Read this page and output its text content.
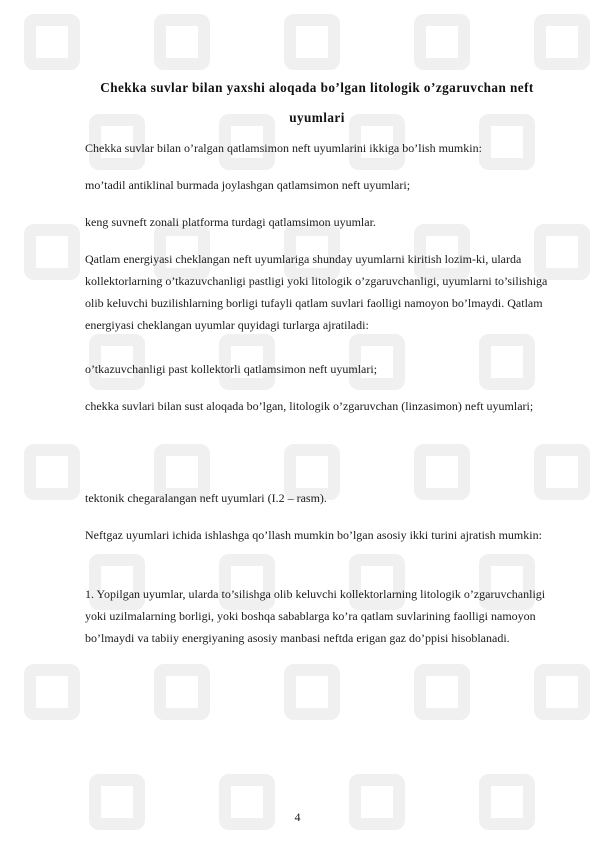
Chekka suvlar bilan yaxshi aloqada bo’lgan litologik o’zgaruvchan neft uyumlari

Chekka suvlar bilan o’ralgan qatlamsimon neft uyumlarini ikkiga bo’lish mumkin:

mo’tadil antiklinal burmada joylashgan qatlamsimon neft uyumlari;

keng suvneft zonali platforma turdagi qatlamsimon uyumlar.

Qatlam energiyasi cheklangan neft uyumlariga shunday uyumlarni kiritish lozim-ki, ularda kollektorlarning o’tkazuvchanligi pastligi yoki litologik o’zgaruvchanligi, uyumlarni to’silishiga olib keluvchi buzilishlarning borligi tufayli qatlam suvlari faolligi namoyon bo’lmaydi. Qatlam energiyasi cheklangan uyumlar quyidagi turlarga ajratiladi:

o’tkazuvchanligi past kollektorli qatlamsimon neft uyumlari;

chekka suvlari bilan sust aloqada bo’lgan, litologik o’zgaruvchan (linzasimon) neft uyumlari;

tektonik chegaralangan neft uyumlari (I.2 – rasm).

Neftgaz uyumlari ichida ishlashga qo’llash mumkin bo’lgan asosiy ikki turini ajratish mumkin:

1. Yopilgan uyumlar, ularda to’silishga olib keluvchi kollektorlarning litologik o’zgaruvchanligi yoki uzilmalarning borligi, yoki boshqa sabablarga ko’ra qatlam suvlarining faolligi namoyon bo’lmaydi va tabiiy energiyaning asosiy manbasi neftda erigan gaz do’ppisi hisoblanadi.

4
